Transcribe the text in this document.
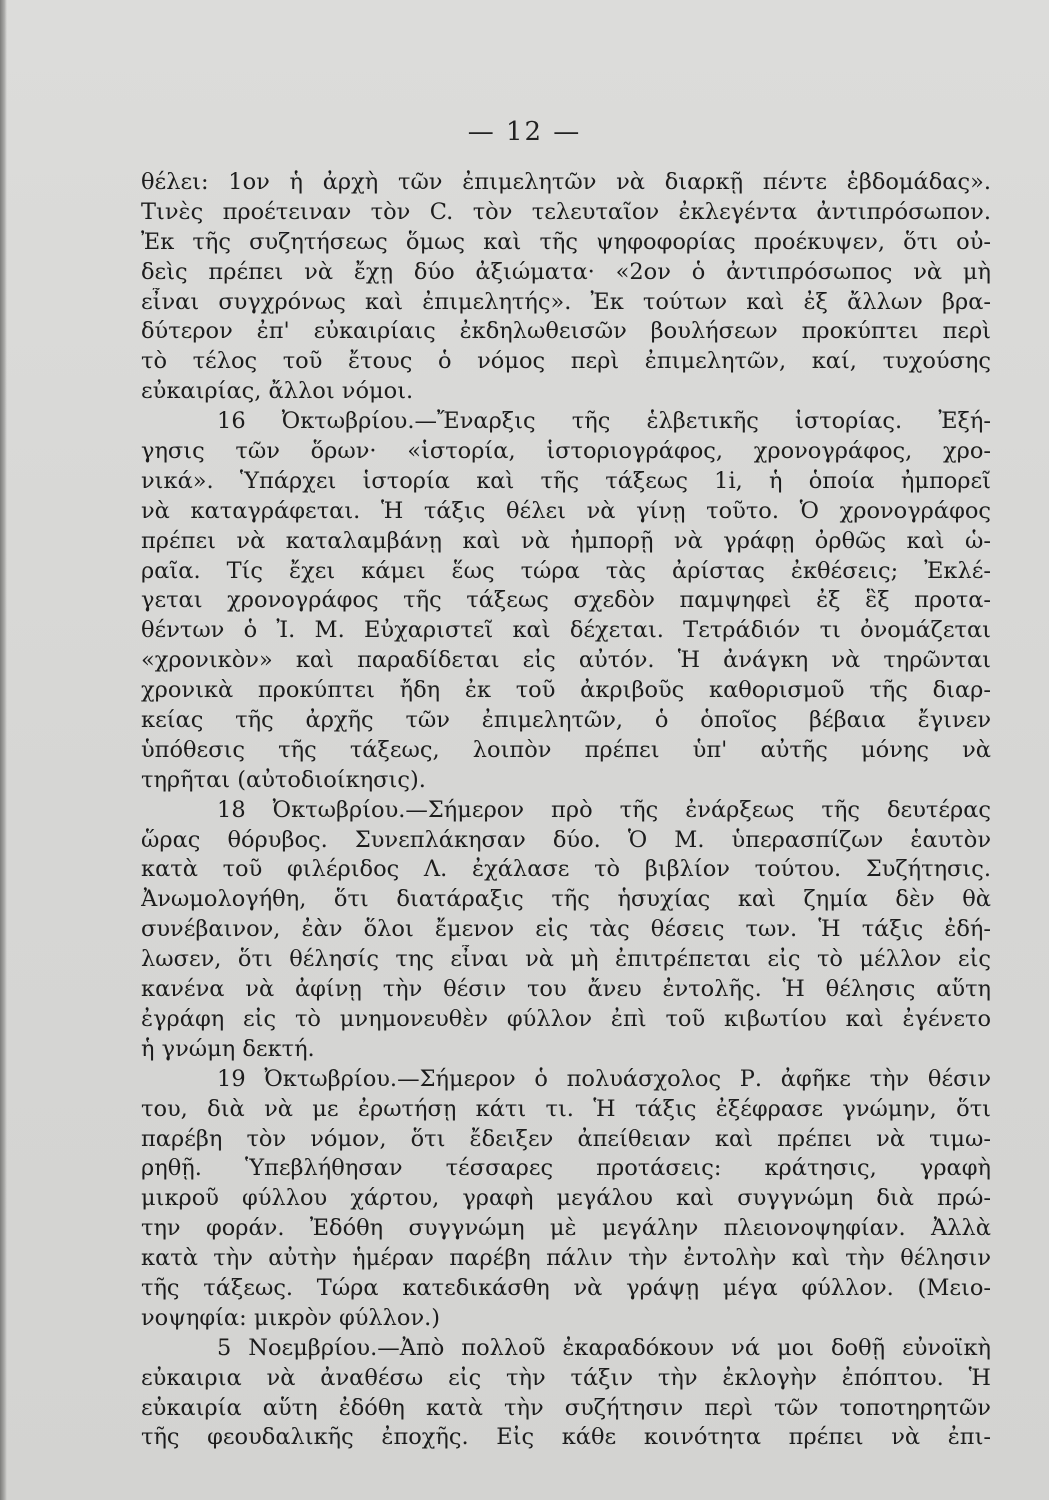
— 12 —
θέλει: 1ον ἡ ἀρχὴ τῶν ἐπιμελητῶν νὰ διαρκῇ πέντε ἑβδομάδας».
Τινὲς προέτειναν τὸν C. τὸν τελευταῖον ἐκλεγέντα ἀντιπρόσωπον.
Ἐκ τῆς συζητήσεως ὅμως καὶ τῆς ψηφοφορίας προέκυψεν, ὅτι οὐ-
δεὶς πρέπει νὰ ἔχῃ δύο ἀξιώματα· «2ον ὁ ἀντιπρόσωπος νὰ μὴ
εἶναι συγχρόνως καὶ ἐπιμελητής». Ἐκ τούτων καὶ ἐξ ἄλλων βρα-
δύτερον ἐπ' εὐκαιρίαις ἐκδηλωθεισῶν βουλήσεων προκύπτει περὶ
τὸ τέλος τοῦ ἔτους ὁ νόμος περὶ ἐπιμελητῶν, καί, τυχούσης
εὐκαιρίας, ἄλλοι νόμοι.
16 Ὀκτωβρίου.—Ἔναρξις τῆς ἑλβετικῆς ἱστορίας. Ἐξή-
γησις τῶν ὅρων· «ἱστορία, ἱστοριογράφος, χρονογράφος, χρο-
νικά». Ὑπάρχει ἱστορία καὶ τῆς τάξεως 1i, ἡ ὁποία ἠμπορεῖ
νὰ καταγράφεται. Ἡ τάξις θέλει νὰ γίνῃ τοῦτο. Ὁ χρονογράφος
πρέπει νὰ καταλαμβάνῃ καὶ νὰ ἠμπορῇ νὰ γράφῃ ὀρθῶς καὶ ὡ-
ραῖα. Τίς ἔχει κάμει ἕως τώρα τὰς ἀρίστας ἐκθέσεις; Ἐκλέ-
γεται χρονογράφος τῆς τάξεως σχεδὸν παμψηφεὶ ἐξ ἓξ προτα-
θέντων ὁ Ἰ. Μ. Εὐχαριστεῖ καὶ δέχεται. Τετράδιόν τι ὀνομάζεται
«χρονικὸν» καὶ παραδίδεται εἰς αὐτόν. Ἡ ἀνάγκη νὰ τηρῶνται
χρονικὰ προκύπτει ἤδη ἐκ τοῦ ἀκριβοῦς καθορισμοῦ τῆς διαρ-
κείας τῆς ἀρχῆς τῶν ἐπιμελητῶν, ὁ ὁποῖος βέβαια ἔγινεν
ὑπόθεσις τῆς τάξεως, λοιπὸν πρέπει ὑπ' αὐτῆς μόνης νὰ
τηρῆται (αὐτοδιοίκησις).
18 Ὀκτωβρίου.—Σήμερον πρὸ τῆς ἐνάρξεως τῆς δευτέρας
ὥρας θόρυβος. Συνεπλάκησαν δύο. Ὁ Μ. ὑπερασπίζων ἑαυτὸν
κατὰ τοῦ φιλέριδος Λ. ἐχάλασε τὸ βιβλίον τούτου. Συζήτησις.
Ἀνωμολογήθη, ὅτι διατάραξις τῆς ἡσυχίας καὶ ζημία δὲν θὰ
συνέβαινον, ἐὰν ὅλοι ἔμενον εἰς τὰς θέσεις των. Ἡ τάξις ἐδή-
λωσεν, ὅτι θέλησίς της εἶναι νὰ μὴ ἐπιτρέπεται εἰς τὸ μέλλον εἰς
κανένα νὰ ἀφίνῃ τὴν θέσιν του ἄνευ ἐντολῆς. Ἡ θέλησις αὕτη
ἐγράφη εἰς τὸ μνημονευθὲν φύλλον ἐπὶ τοῦ κιβωτίου καὶ ἐγένετο
ἡ γνώμη δεκτή.
19 Ὀκτωβρίου.—Σήμερον ὁ πολυάσχολος Ρ. ἀφῆκε τὴν θέσιν
του, διὰ νὰ με ἐρωτήσῃ κάτι τι. Ἡ τάξις ἐξέφρασε γνώμην, ὅτι
παρέβη τὸν νόμον, ὅτι ἔδειξεν ἀπείθειαν καὶ πρέπει νὰ τιμω-
ρηθῇ. Ὑπεβλήθησαν τέσσαρες προτάσεις: κράτησις, γραφὴ
μικροῦ φύλλου χάρτου, γραφὴ μεγάλου καὶ συγγνώμη διὰ πρώ-
την φοράν. Ἐδόθη συγγνώμη μὲ μεγάλην πλειονοψηφίαν. Ἀλλὰ
κατὰ τὴν αὐτὴν ἡμέραν παρέβη πάλιν τὴν ἐντολὴν καὶ τὴν θέλησιν
τῆς τάξεως. Τώρα κατεδικάσθη νὰ γράψῃ μέγα φύλλον. (Μειο-
νοψηφία: μικρὸν φύλλον.)
5 Νοεμβρίου.—Ἀπὸ πολλοῦ ἐκαραδόκουν νά μοι δοθῇ εὐνοϊκὴ
εὐκαιρια νὰ ἀναθέσω εἰς τὴν τάξιν τὴν ἐκλογὴν ἐπόπτου. Ἡ
εὐκαιρία αὕτη ἐδόθη κατὰ τὴν συζήτησιν περὶ τῶν τοποτηρητῶν
τῆς φεουδαλικῆς ἐποχῆς. Εἰς κάθε κοινότητα πρέπει νὰ ἐπι-
